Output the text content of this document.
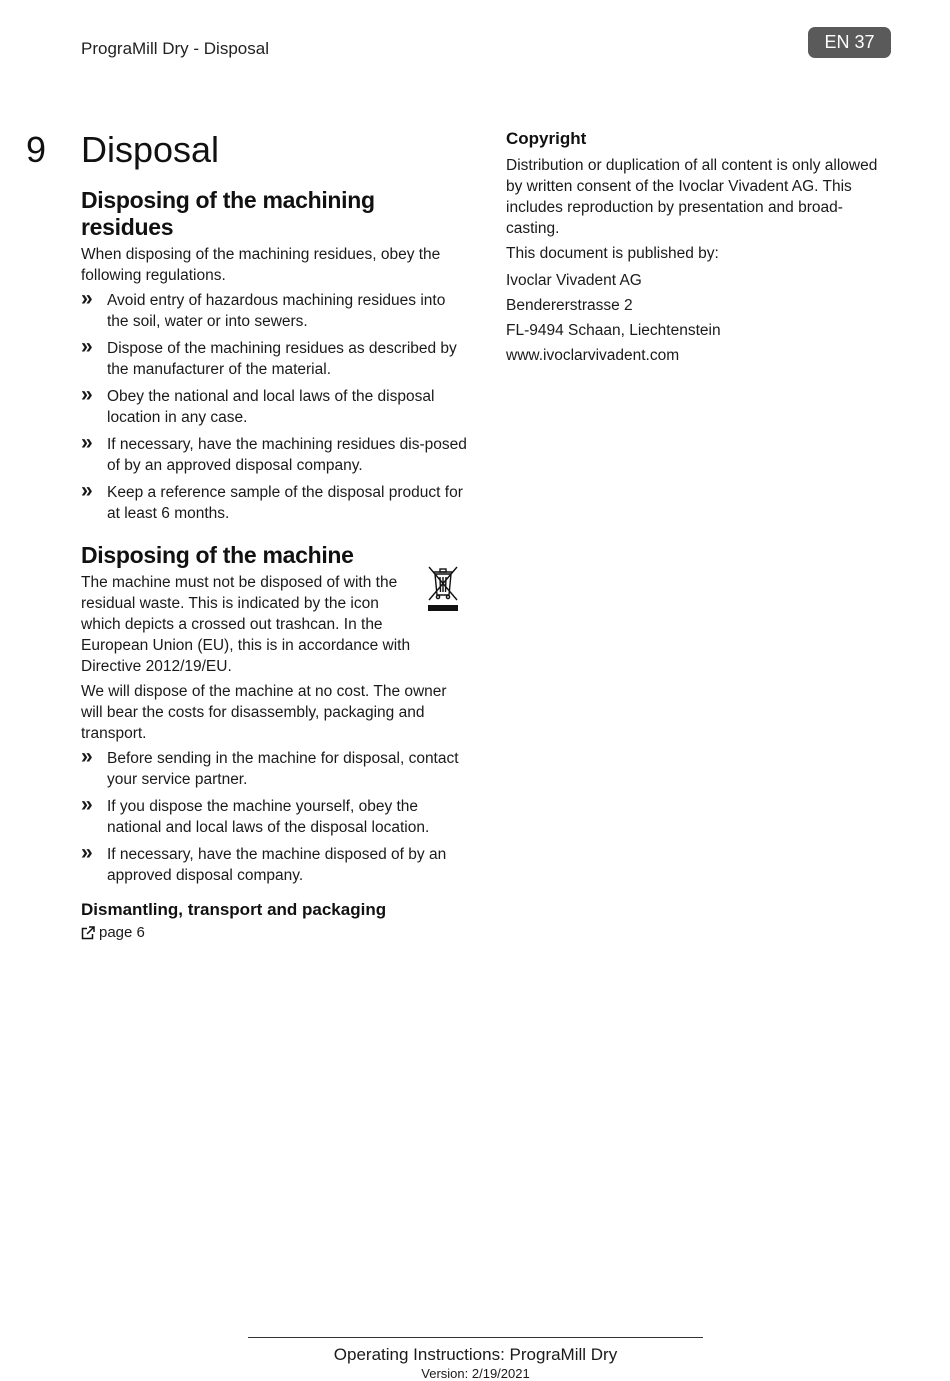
PrograMill Dry - Disposal	EN 37
9 Disposal
Disposing of the machining residues

When disposing of the machining residues, obey the following regulations.

» Avoid entry of hazardous machining residues into the soil, water or into sewers.
» Dispose of the machining residues as described by the manufacturer of the material.
» Obey the national and local laws of the disposal location in any case.
» If necessary, have the machining residues dis-posed of by an approved disposal company.
» Keep a reference sample of the disposal product for at least 6 months.
Disposing of the machine

The machine must not be disposed of with the residual waste. This is indicated by the icon which depicts a crossed out trashcan. In the European Union (EU), this is in accordance with Directive 2012/19/EU.

We will dispose of the machine at no cost. The owner will bear the costs for disassembly, packaging and transport.

» Before sending in the machine for disposal, contact your service partner.
» If you dispose the machine yourself, obey the national and local laws of the disposal location.
» If necessary, have the machine disposed of by an approved disposal company.
Dismantling, transport and packaging
page 6
Copyright

Distribution or duplication of all content is only allowed by written consent of the Ivoclar Vivadent AG. This includes reproduction by presentation and broad-casting.

This document is published by:

Ivoclar Vivadent AG

Bendererstrasse 2

FL-9494 Schaan, Liechtenstein

www.ivoclarvivadent.com

Operating Instructions: PrograMill Dry
Version: 2/19/2021
